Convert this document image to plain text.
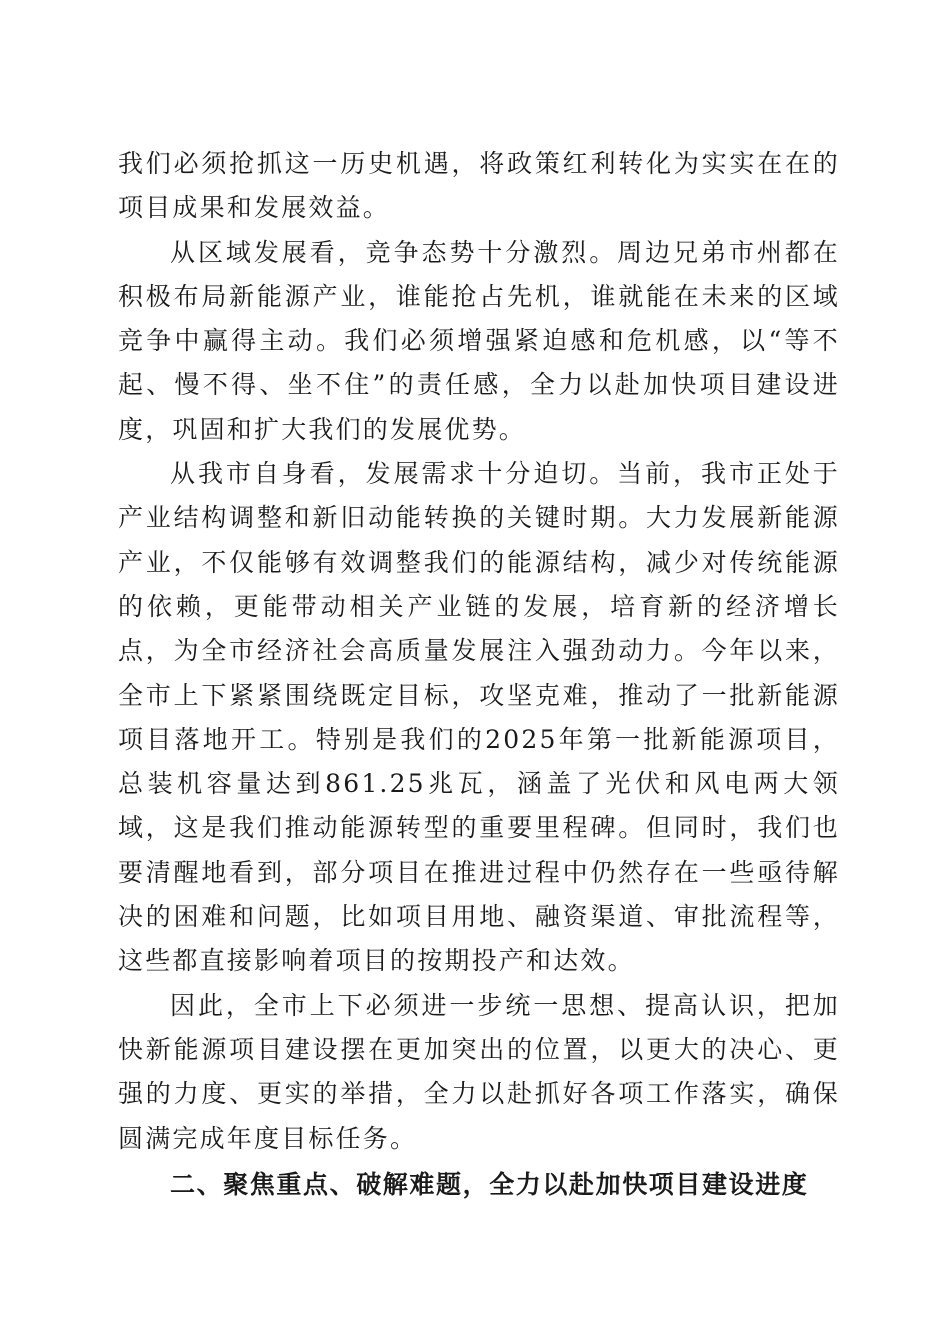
我们必须抢抓这一历史机遇，将政策红利转化为实实在在的项目成果和发展效益。

从区域发展看，竞争态势十分激烈。周边兄弟市州都在积极布局新能源产业，谁能抢占先机，谁就能在未来的区域竞争中赢得主动。我们必须增强紧迫感和危机感，以“等不起、慢不得、坐不住”的责任感，全力以赴加快项目建设进度，巩固和扩大我们的发展优势。

从我市自身看，发展需求十分迫切。当前，我市正处于产业结构调整和新旧动能转换的关键时期。大力发展新能源产业，不仅能够有效调整我们的能源结构，减少对传统能源的依赖，更能带动相关产业链的发展，培育新的经济增长点，为全市经济社会高质量发展注入强劲动力。今年以来，全市上下紧紧围绕既定目标，攻坚克难，推动了一批新能源项目落地开工。特别是我们的2025年第一批新能源项目，总装机容量达到861.25兆瓦，涵盖了光伏和风电两大领域，这是我们推动能源转型的重要里程碑。但同时，我们也要清醒地看到，部分项目在推进过程中仍然存在一些亟待解决的困难和问题，比如项目用地、融资渠道、审批流程等，这些都直接影响着项目的按期投产和达效。

因此，全市上下必须进一步统一思想、提高认识，把加快新能源项目建设摆在更加突出的位置，以更大的决心、更强的力度、更实的举措，全力以赴抓好各项工作落实，确保圆满完成年度目标任务。

二、聚焦重点、破解难题，全力以赴加快项目建设进度
